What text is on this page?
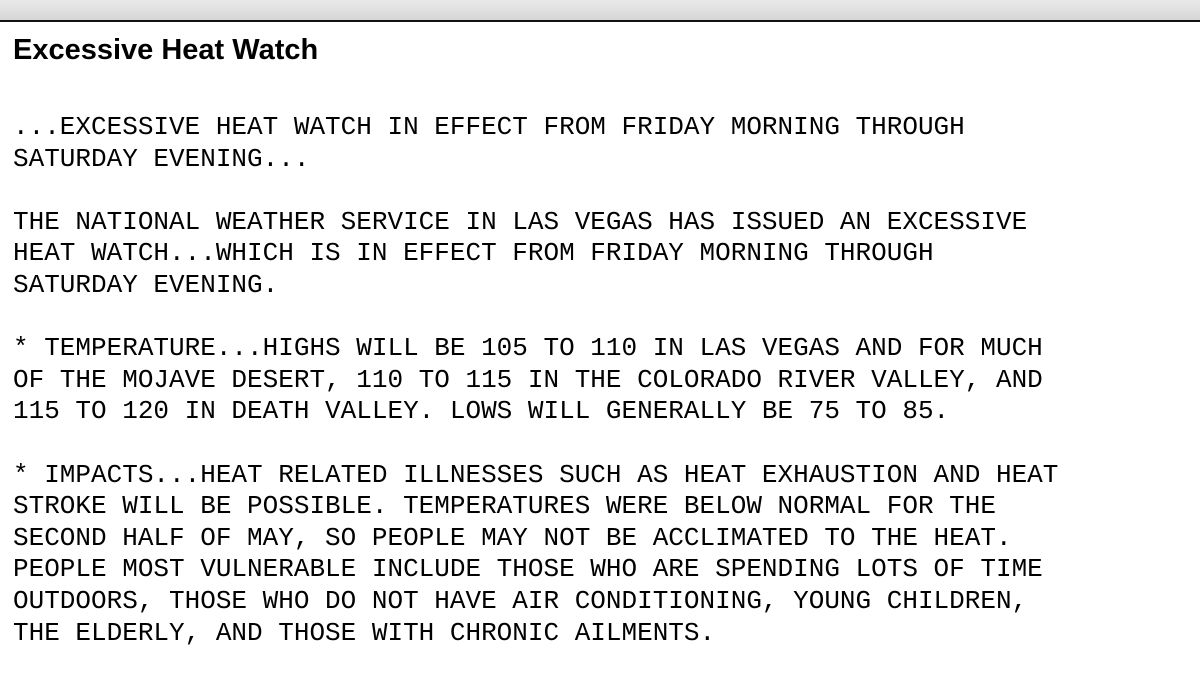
Excessive Heat Watch

...EXCESSIVE HEAT WATCH IN EFFECT FROM FRIDAY MORNING THROUGH
SATURDAY EVENING...

THE NATIONAL WEATHER SERVICE IN LAS VEGAS HAS ISSUED AN EXCESSIVE
HEAT WATCH...WHICH IS IN EFFECT FROM FRIDAY MORNING THROUGH
SATURDAY EVENING.

* TEMPERATURE...HIGHS WILL BE 105 TO 110 IN LAS VEGAS AND FOR MUCH
OF THE MOJAVE DESERT, 110 TO 115 IN THE COLORADO RIVER VALLEY, AND
115 TO 120 IN DEATH VALLEY. LOWS WILL GENERALLY BE 75 TO 85.

* IMPACTS...HEAT RELATED ILLNESSES SUCH AS HEAT EXHAUSTION AND HEAT
STROKE WILL BE POSSIBLE. TEMPERATURES WERE BELOW NORMAL FOR THE
SECOND HALF OF MAY, SO PEOPLE MAY NOT BE ACCLIMATED TO THE HEAT.
PEOPLE MOST VULNERABLE INCLUDE THOSE WHO ARE SPENDING LOTS OF TIME
OUTDOORS, THOSE WHO DO NOT HAVE AIR CONDITIONING, YOUNG CHILDREN,
THE ELDERLY, AND THOSE WITH CHRONIC AILMENTS.
